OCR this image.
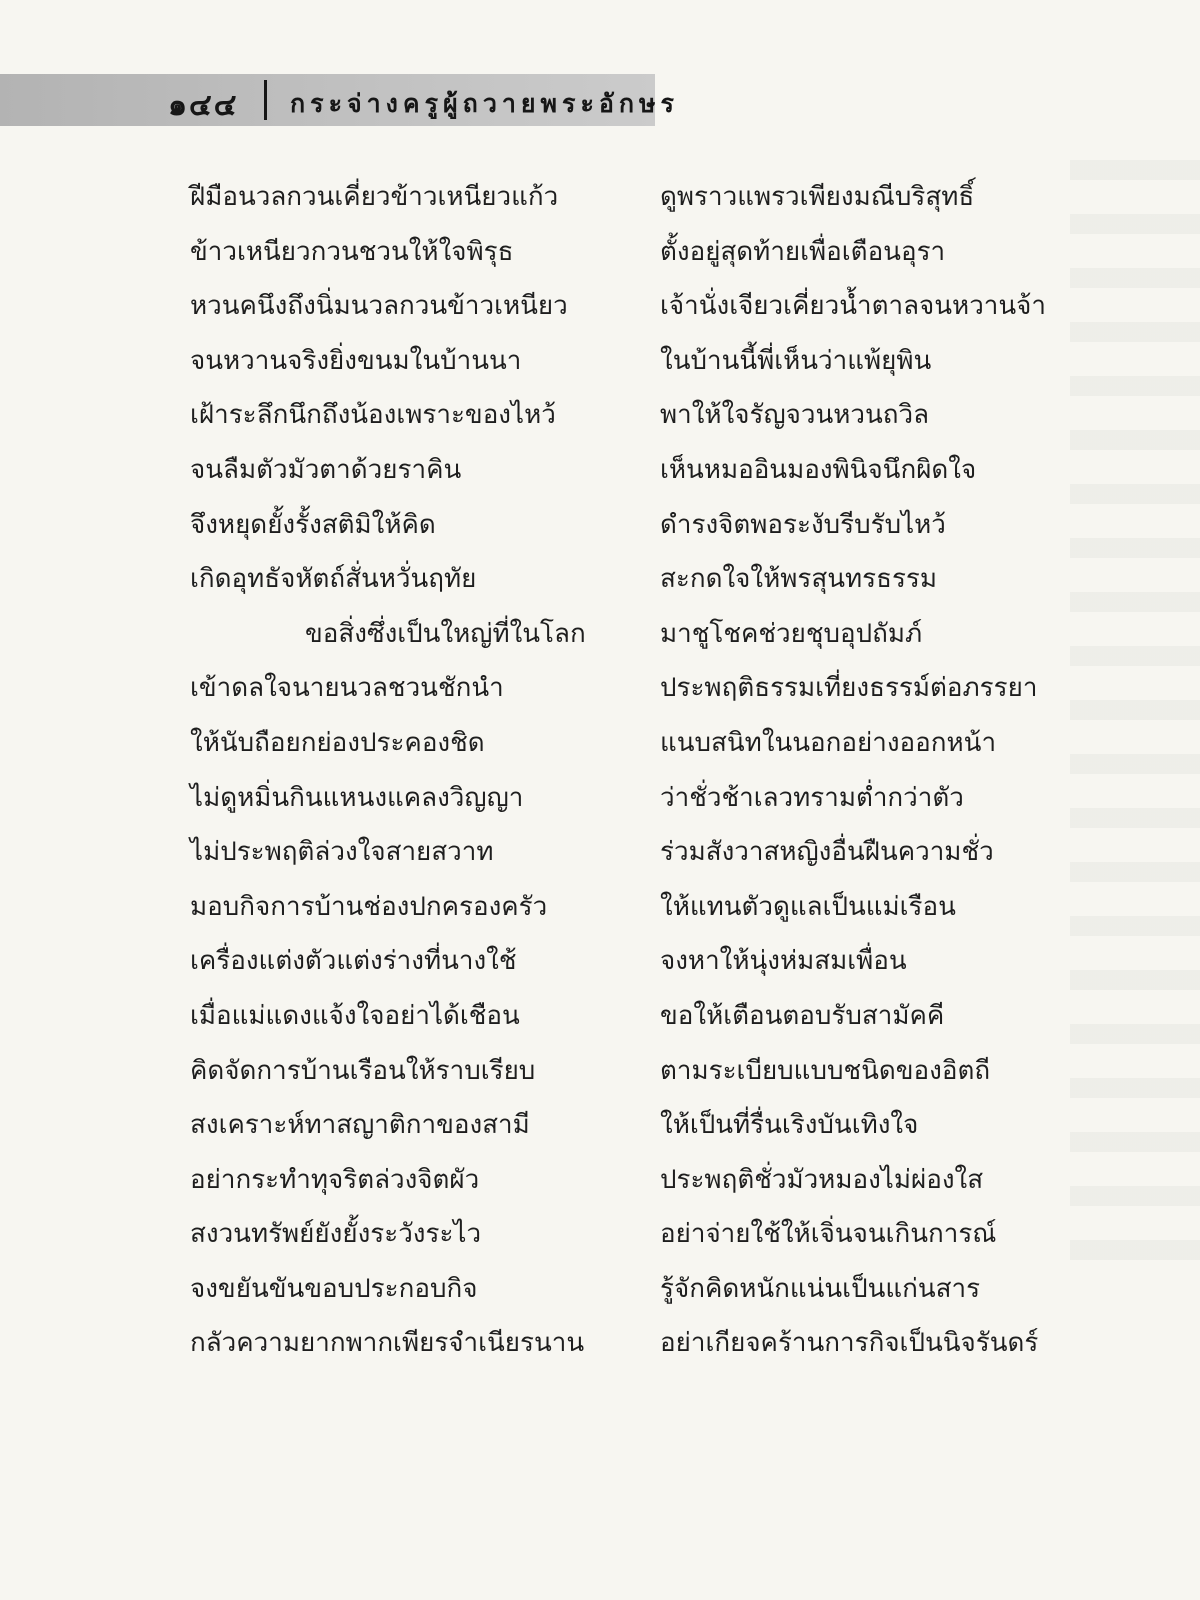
๑๔๔ กระจ่างครูผู้ถวายพระอักษร
ฝีมือนวลกวนเคี่ยวข้าวเหนียวแก้ว
ข้าวเหนียวกวนชวนให้ใจพิรุธ
หวนคนึงถึงนิ่มนวลกวนข้าวเหนียว
จนหวานจริงยิ่งขนมในบ้านนา
เฝ้าระลึกนึกถึงน้องเพราะของไหว้
จนลืมตัวมัวตาด้วยราคิน
จึงหยุดยั้งรั้งสติมิให้คิด
เกิดอุทธัจหัตถ์สั่นหวั่นฤทัย
ขอสิ่งซึ่งเป็นใหญ่ที่ในโลก
เข้าดลใจนายนวลชวนชักนำ
ให้นับถือยกย่องประคองชิด
ไม่ดูหมิ่นกินแหนงแคลงวิญญา
ไม่ประพฤติล่วงใจสายสวาท
มอบกิจการบ้านช่องปกครองครัว
เครื่องแต่งตัวแต่งร่างที่นางใช้
เมื่อแม่แดงแจ้งใจอย่าได้เชือน
คิดจัดการบ้านเรือนให้ราบเรียบ
สงเคราะห์ทาสญาติกาของสามี
อย่ากระทำทุจริตล่วงจิตผัว
สงวนทรัพย์ยังยั้งระวังระไว
จงขยันขันขอบประกอบกิจ
กลัวความยากพากเพียรจำเนียรนาน
ดูพราวแพรวเพียงมณีบริสุทธิ์
ตั้งอยู่สุดท้ายเพื่อเตือนอุรา
เจ้านั่งเจียวเคี่ยวน้ำตาลจนหวานจ้า
ในบ้านนี้พี่เห็นว่าแพ้ยุพิน
พาให้ใจรัญจวนหวนถวิล
เห็นหมออินมองพินิจนึกผิดใจ
ดำรงจิตพอระงับรีบรับไหว้
สะกดใจให้พรสุนทรธรรม
มาชูโชคช่วยชุบอุปถัมภ์
ประพฤติธรรมเที่ยงธรรม์ต่อภรรยา
แนบสนิทในนอกอย่างออกหน้า
ว่าชั่วช้าเลวทรามต่ำกว่าตัว
ร่วมสังวาสหญิงอื่นฝืนความชั่ว
ให้แทนตัวดูแลเป็นแม่เรือน
จงหาให้นุ่งห่มสมเพื่อน
ขอให้เตือนตอบรับสามัคคี
ตามระเบียบแบบชนิดของอิตถี
ให้เป็นที่รื่นเริงบันเทิงใจ
ประพฤติชั่วมัวหมองไม่ผ่องใส
อย่าจ่ายใช้ให้เจิ่นจนเกินการณ์
รู้จักคิดหนักแน่นเป็นแก่นสาร
อย่าเกียจคร้านการกิจเป็นนิจรันดร์
